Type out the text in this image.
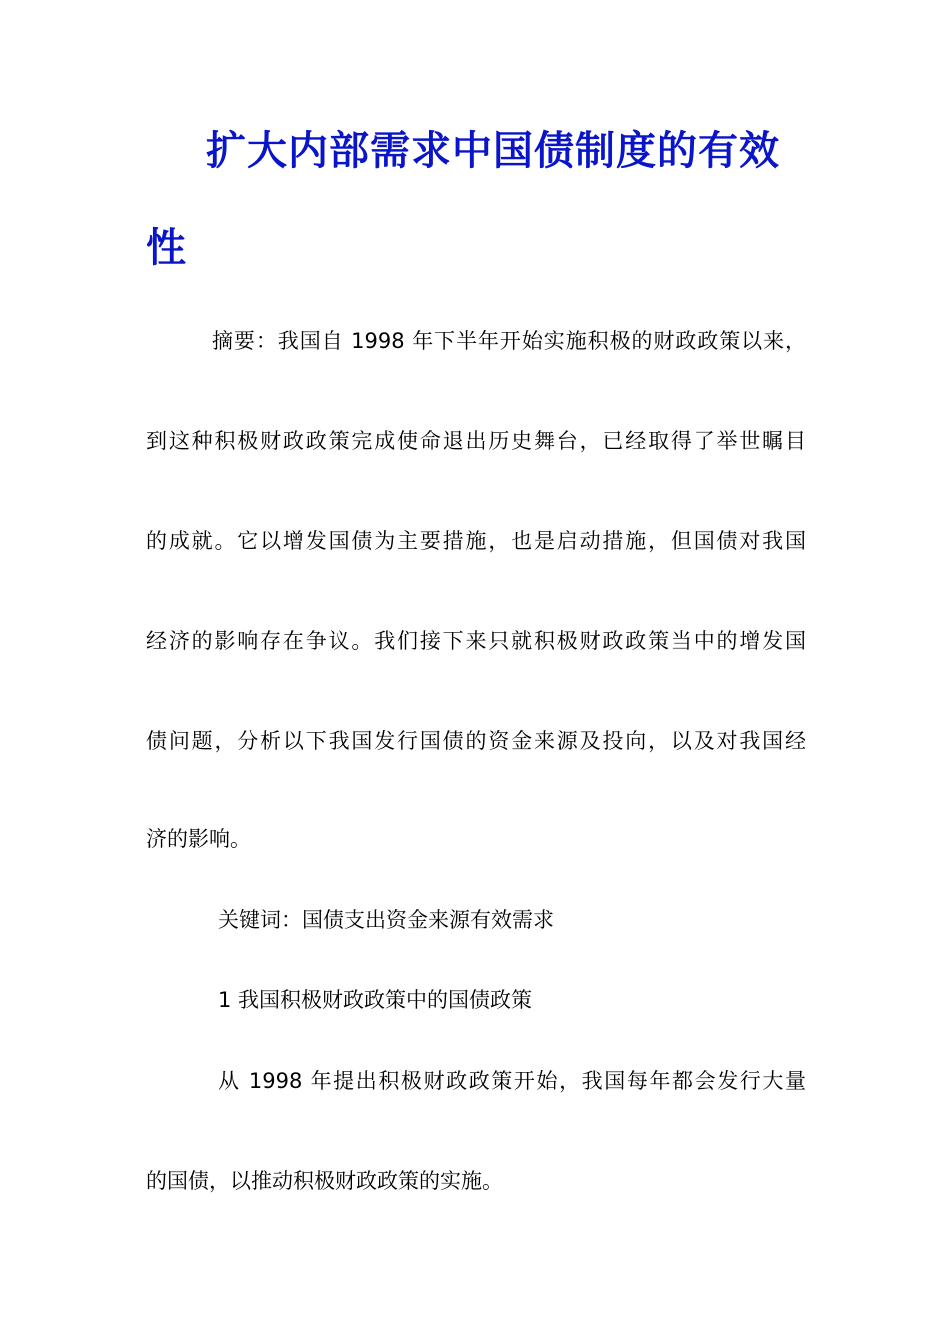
扩大内部需求中国债制度的有效
性
摘要：我国自 1998 年下半年开始实施积极的财政政策以来，
到这种积极财政政策完成使命退出历史舞台，已经取得了举世瞩目
的成就。它以增发国债为主要措施，也是启动措施，但国债对我国
经济的影响存在争议。我们接下来只就积极财政政策当中的增发国
债问题，分析以下我国发行国债的资金来源及投向，以及对我国经
济的影响。
关键词：国债支出资金来源有效需求
1 我国积极财政政策中的国债政策
从 1998 年提出积极财政政策开始，我国每年都会发行大量
的国债，以推动积极财政政策的实施。
